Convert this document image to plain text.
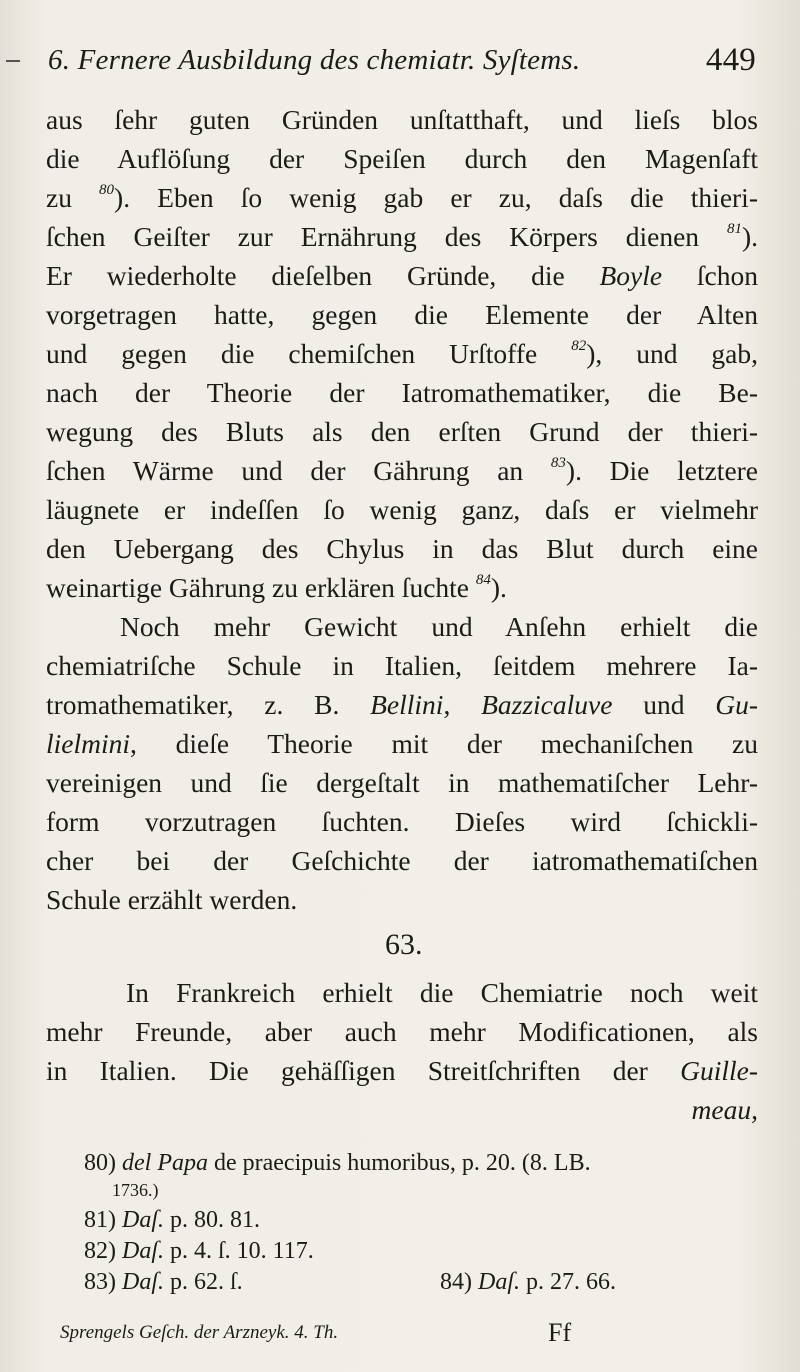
6. Fernere Ausbildung des chemiatr. Syſtems.	449
aus ſehr guten Gründen unſtatthaft, und lieſs blos
die Auflöſung der Speiſen durch den Magenſaft
zu $^{80}$). Eben ſo wenig gab er zu, daſs die thieri-
ſchen Geiſter zur Ernährung des Körpers dienen $^{81}$).
Er wiederholte dieſelben Gründe, die Boyle ſchon
vorgetragen hatte, gegen die Elemente der Alten
und gegen die chemiſchen Urſtoffe $^{82}$), und gab,
nach der Theorie der Iatromathematiker, die Be-
wegung des Bluts als den erſten Grund der thieri-
ſchen Wärme und der Gährung an $^{83}$). Die letztere
läugnete er indeſſen ſo wenig ganz, daſs er vielmehr
den Uebergang des Chylus in das Blut durch eine
weinartige Gährung zu erklären ſuchte $^{84}$).
Noch mehr Gewicht und Anſehn erhielt die
chemiatriſche Schule in Italien, ſeitdem mehrere Ia-
tromathematiker, z. B. Bellini, Bazzicaluve und Gu-
lielmini, dieſe Theorie mit der mechaniſchen zu
vereinigen und ſie dergeſtalt in mathematiſcher Lehr-
form vorzutragen ſuchten. Dieſes wird ſchickli-
cher bei der Geſchichte der iatromathematiſchen
Schule erzählt werden.
63.
In Frankreich erhielt die Chemiatrie noch weit
mehr Freunde, aber auch mehr Modificationen, als
in Italien. Die gehäſſigen Streitſchriften der Guille-
meau,
80) del Papa de praecipuis humoribus, p. 20. (8. LB.
1736.)
81) Daſ. p. 80. 81.
82) Daſ. p. 4. ſ. 10. 117.
83) Daſ. p. 62. ſ.	84) Daſ. p. 27. 66.
Sprengels Geſch. der Arzneyk. 4. Th.	Ff
